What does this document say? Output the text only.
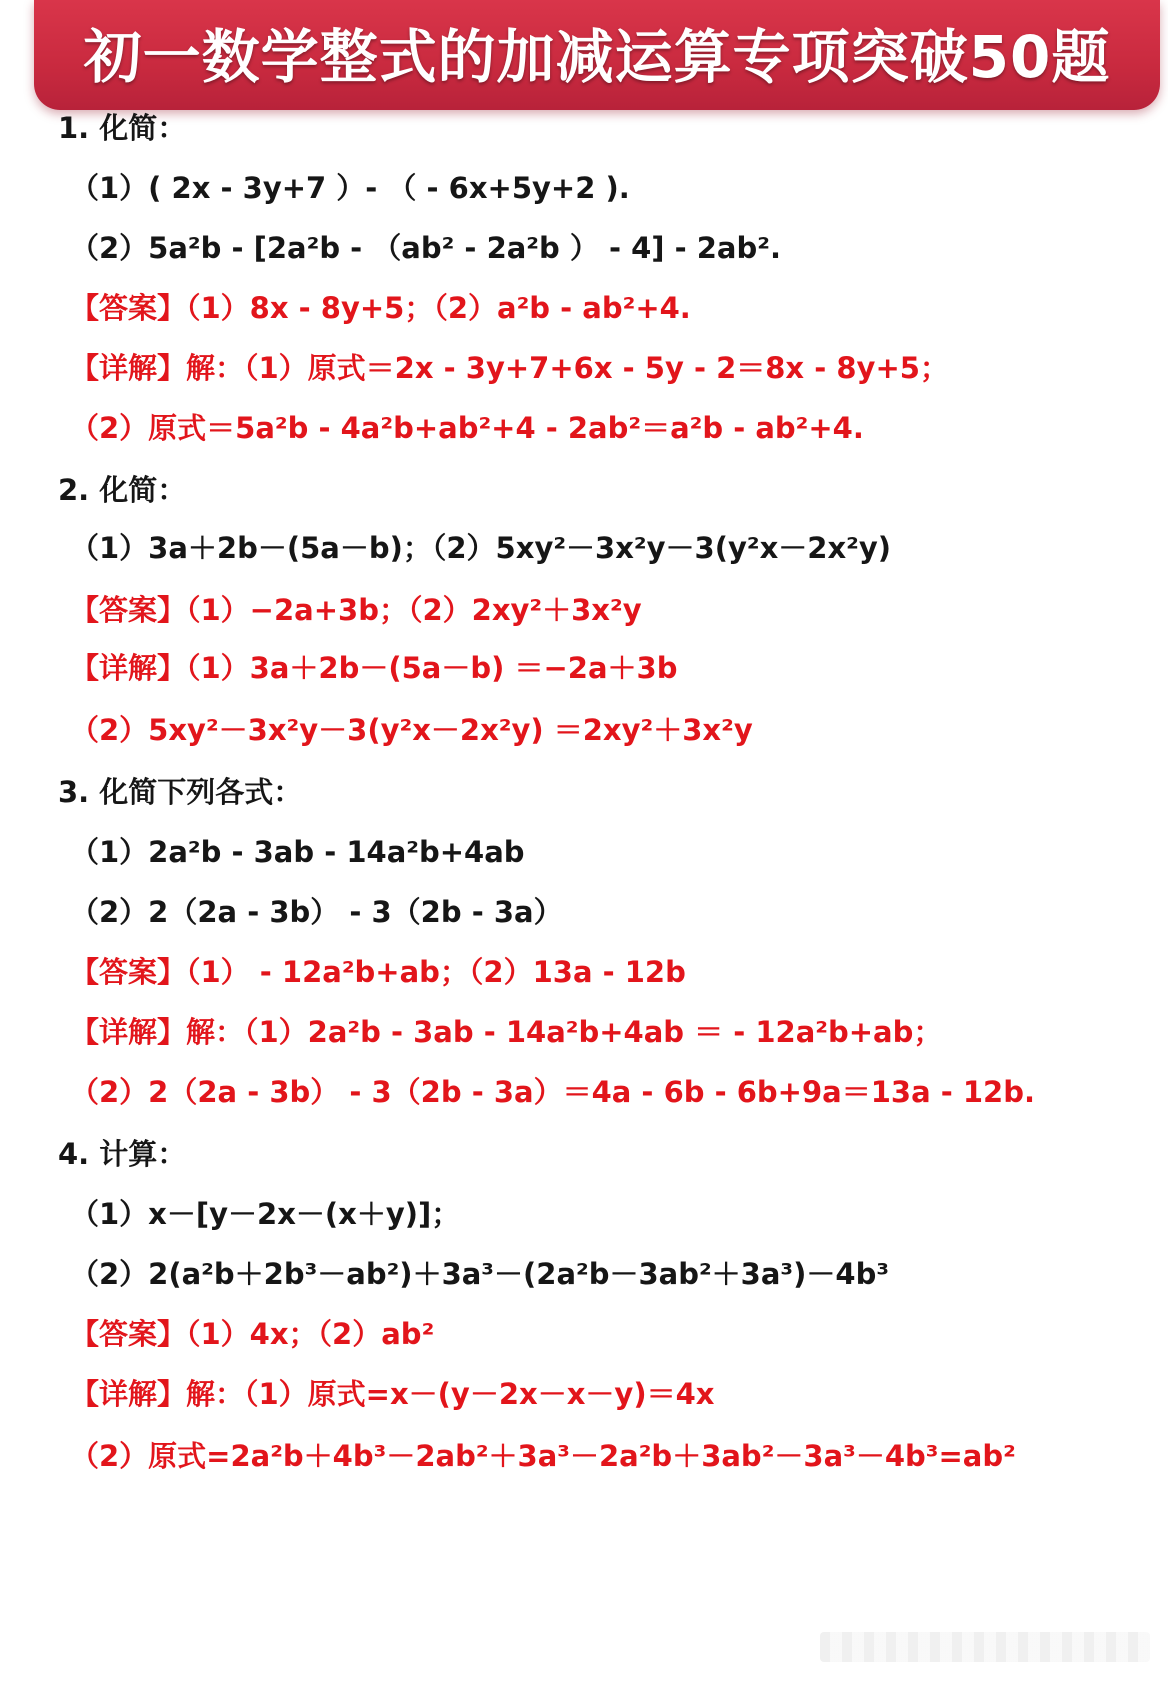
初一数学整式的加减运算专项突破50题
1. 化简：
（1）( 2x - 3y+7 ）- （ - 6x+5y+2 ).
（2）5a²b - [2a²b - （ab² - 2a²b ） - 4] - 2ab².
【答案】（1）8x - 8y+5；（2）a²b - ab²+4.
【详解】解：（1）原式＝2x - 3y+7+6x - 5y - 2＝8x - 8y+5；
（2）原式＝5a²b - 4a²b+ab²+4 - 2ab²＝a²b - ab²+4.
2. 化简：
（1）3a＋2b－(5a－b)；（2）5xy²－3x²y－3(y²x－2x²y)
【答案】（1）−2a+3b；（2）2xy²＋3x²y
【详解】（1）3a＋2b－(5a－b) ＝−2a＋3b
（2）5xy²－3x²y－3(y²x－2x²y) ＝2xy²＋3x²y
3. 化简下列各式：
（1）2a²b - 3ab - 14a²b+4ab
（2）2（2a - 3b） - 3（2b - 3a）
【答案】（1） - 12a²b+ab；（2）13a - 12b
【详解】解：（1）2a²b - 3ab - 14a²b+4ab ＝ - 12a²b+ab；
（2）2（2a - 3b） - 3（2b - 3a）＝4a - 6b - 6b+9a＝13a - 12b.
4. 计算：
（1）x－[y－2x－(x＋y)]；
（2）2(a²b＋2b³－ab²)＋3a³－(2a²b－3ab²＋3a³)－4b³
【答案】（1）4x；（2）ab²
【详解】解：（1）原式=x－(y－2x－x－y)＝4x
（2）原式=2a²b＋4b³－2ab²＋3a³－2a²b＋3ab²－3a³－4b³=ab²
